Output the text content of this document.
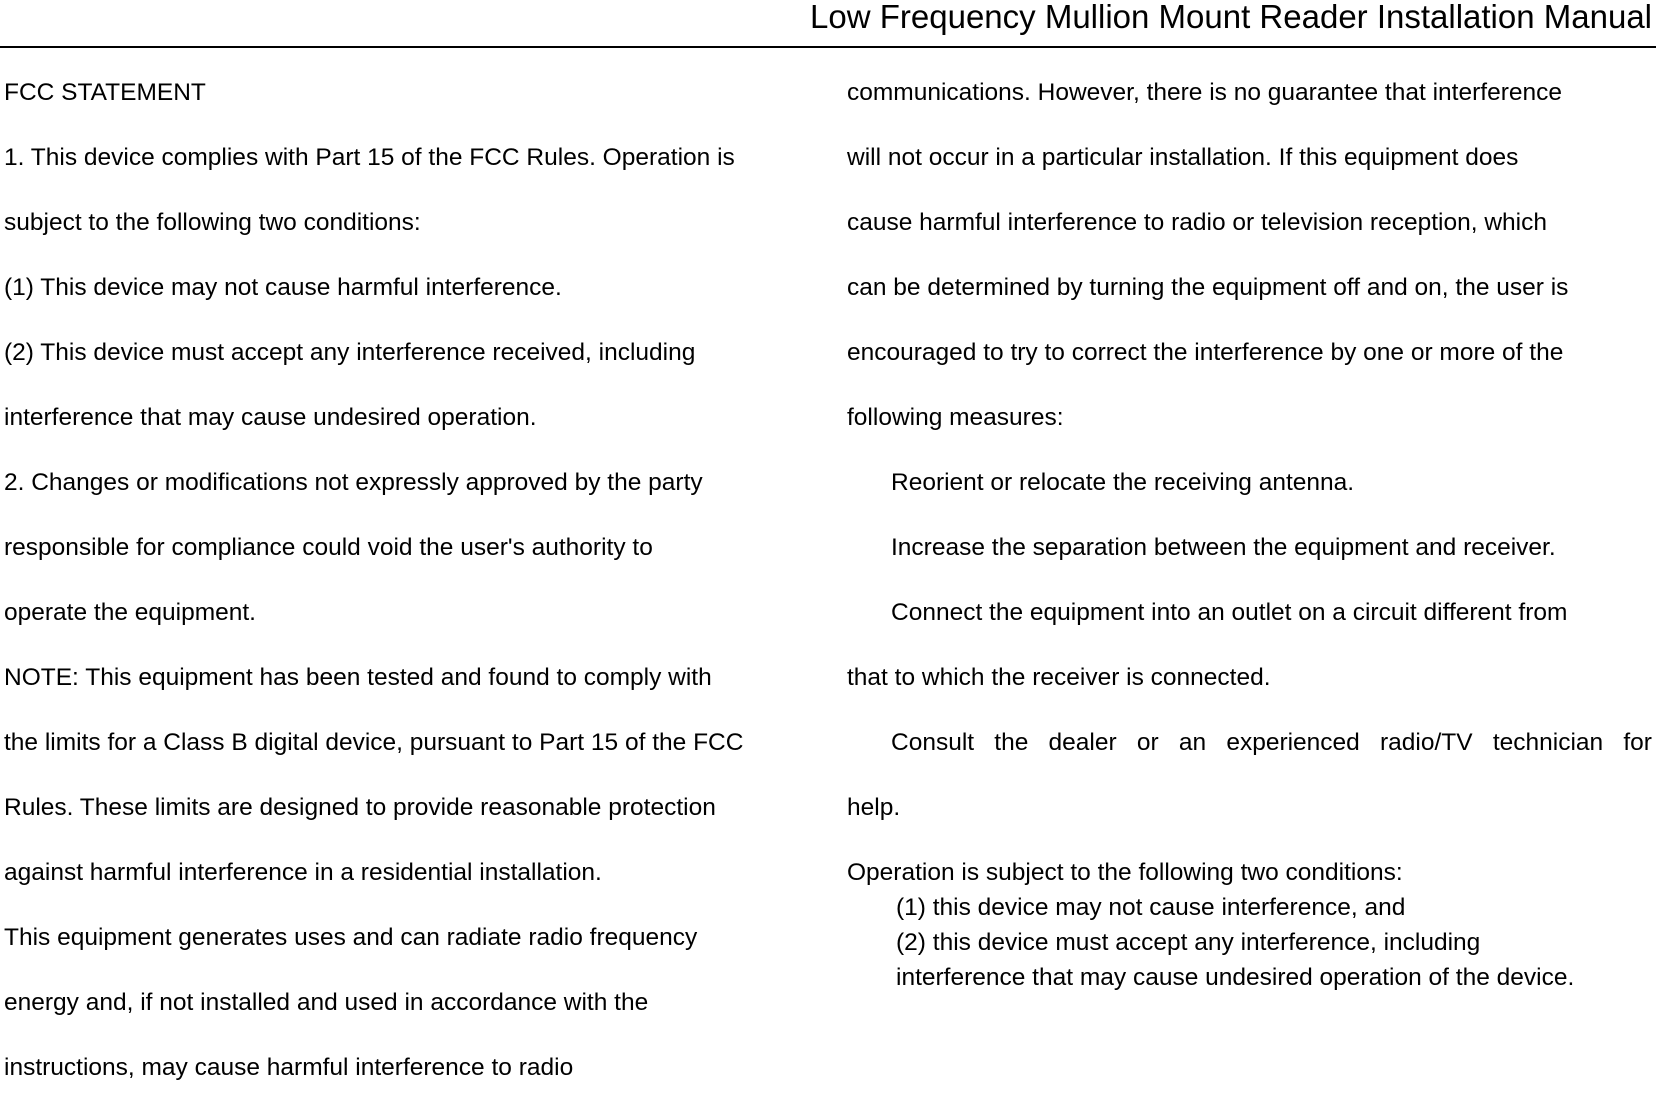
Low Frequency Mullion Mount Reader Installation Manual
FCC STATEMENT
1. This device complies with Part 15 of the FCC Rules. Operation is
subject to the following two conditions:
(1) This device may not cause harmful interference.
(2) This device must accept any interference received, including
interference that may cause undesired operation.
2. Changes or modifications not expressly approved by the party
responsible for compliance could void the user's authority to
operate the equipment.
NOTE: This equipment has been tested and found to comply with
the limits for a Class B digital device, pursuant to Part 15 of the FCC
Rules. These limits are designed to provide reasonable protection
against harmful interference in a residential installation.
This equipment generates uses and can radiate radio frequency
energy and, if not installed and used in accordance with the
instructions, may cause harmful interference to radio
communications. However, there is no guarantee that interference
will not occur in a particular installation. If this equipment does
cause harmful interference to radio or television reception, which
can be determined by turning the equipment off and on, the user is
encouraged to try to correct the interference by one or more of the
following measures:
Reorient or relocate the receiving antenna.
Increase the separation between the equipment and receiver.
Connect the equipment into an outlet on a circuit different from
that to which the receiver is connected.
Consult the dealer or an experienced radio/TV technician for
help.
Operation is subject to the following two conditions:
(1) this device may not cause interference, and
(2) this device must accept any interference, including
interference that may cause undesired operation of the device.
